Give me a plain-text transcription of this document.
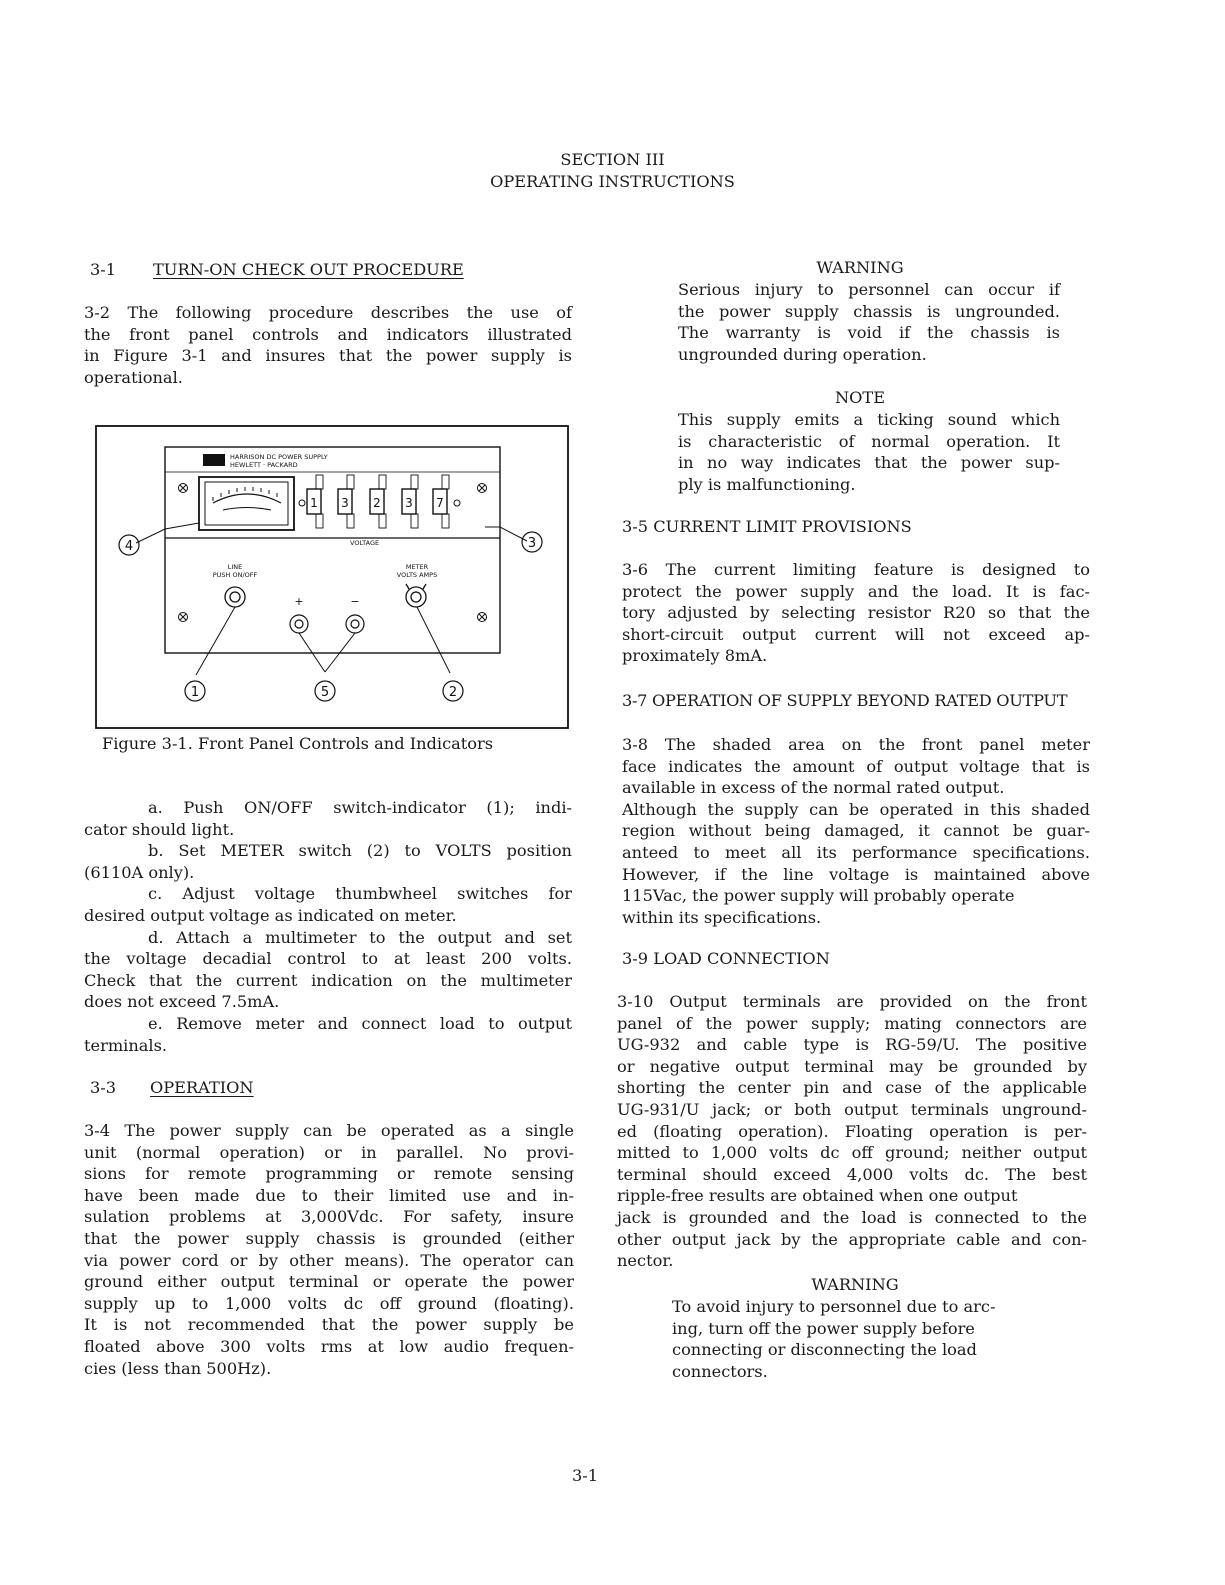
SECTION III
OPERATING INSTRUCTIONS
3-1 TURN-ON CHECK OUT PROCEDURE
3-2 The following procedure describes the use of
the front panel controls and indicators illustrated
in Figure 3-1 and insures that the power supply is
operational.
HARRISON DC POWER SUPPLY
HEWLETT · PACKARD
1 3 2 3 7
VOLTAGE
LINE
PUSH ON/OFF
METER
VOLTS AMPS
+	−
4	3
1	5	2
Figure 3-1. Front Panel Controls and Indicators
a. Push ON/OFF switch-indicator (1); indi-
cator should light.
b. Set METER switch (2) to VOLTS position
(6110A only).
c. Adjust voltage thumbwheel switches for
desired output voltage as indicated on meter.
d. Attach a multimeter to the output and set
the voltage decadial control to at least 200 volts.
Check that the current indication on the multimeter
does not exceed 7.5mA.
e. Remove meter and connect load to output
terminals.
3-3 OPERATION
3-4 The power supply can be operated as a single
unit (normal operation) or in parallel. No provi-
sions for remote programming or remote sensing
have been made due to their limited use and in-
sulation problems at 3,000Vdc. For safety, insure
that the power supply chassis is grounded (either
via power cord or by other means). The operator can
ground either output terminal or operate the power
supply up to 1,000 volts dc off ground (floating).
It is not recommended that the power supply be
floated above 300 volts rms at low audio frequen-
cies (less than 500Hz).
WARNING
Serious injury to personnel can occur if
the power supply chassis is ungrounded.
The warranty is void if the chassis is
ungrounded during operation.
NOTE
This supply emits a ticking sound which
is characteristic of normal operation. It
in no way indicates that the power sup-
ply is malfunctioning.
3-5 CURRENT LIMIT PROVISIONS
3-6 The current limiting feature is designed to
protect the power supply and the load. It is fac-
tory adjusted by selecting resistor R20 so that the
short-circuit output current will not exceed ap-
proximately 8mA.
3-7 OPERATION OF SUPPLY BEYOND RATED OUTPUT
3-8 The shaded area on the front panel meter
face indicates the amount of output voltage that is
available in excess of the normal rated output.
Although the supply can be operated in this shaded
region without being damaged, it cannot be guar-
anteed to meet all its performance specifications.
However, if the line voltage is maintained above
115Vac, the power supply will probably operate
within its specifications.
3-9 LOAD CONNECTION
3-10 Output terminals are provided on the front
panel of the power supply; mating connectors are
UG-932 and cable type is RG-59/U. The positive
or negative output terminal may be grounded by
shorting the center pin and case of the applicable
UG-931/U jack; or both output terminals unground-
ed (floating operation). Floating operation is per-
mitted to 1,000 volts dc off ground; neither output
terminal should exceed 4,000 volts dc. The best
ripple-free results are obtained when one output
jack is grounded and the load is connected to the
other output jack by the appropriate cable and con-
nector.
WARNING
To avoid injury to personnel due to arc-
ing, turn off the power supply before
connecting or disconnecting the load
connectors.
3-1
